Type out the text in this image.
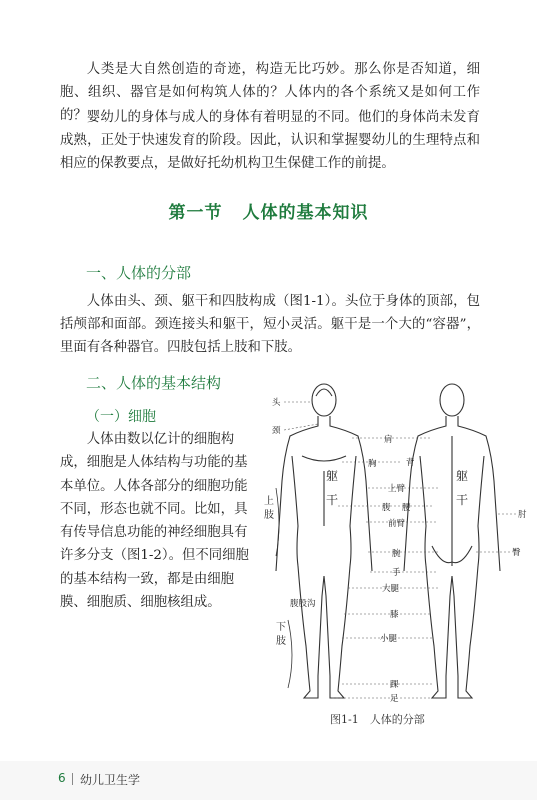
人类是大自然创造的奇迹，构造无比巧妙。那么你是否知道，细胞、组织、器官是如何构筑人体的？人体内的各个系统又是如何工作的？ 婴幼儿的身体与成人的身体有着明显的不同。他们的身体尚未发育成熟，正处于快速发育的阶段。因此，认识和掌握婴幼儿的生理特点和相应的保教要点，是做好托幼机构卫生保健工作的前提。

第一节 人体的基本知识
一、人体的分部

人体由头、颈、躯干和四肢构成（图1-1）。头位于身体的顶部，包括颅部和面部。颈连接头和躯干，短小灵活。躯干是一个大的“容器”，里面有各种器官。四肢包括上肢和下肢。

二、人体的基本结构
（一）细胞

人体由数以亿计的细胞构成，细胞是人体结构与功能的基本单位。人体各部分的细胞功能不同，形态也就不同。比如，具有传导信息功能的神经细胞具有许多分支（图1-2）。但不同细胞的基本结构一致，都是由细胞膜、细胞质、细胞核组成。

头
颈
肩
胸	背
躯
干
躯
干
上臂
腹 腰
前臂
肘
腕
手
臀
腹股沟
大腿
膝
小腿
踝
足
上
肢
下
肢
图1-1　人体的分部
6 幼儿卫生学
